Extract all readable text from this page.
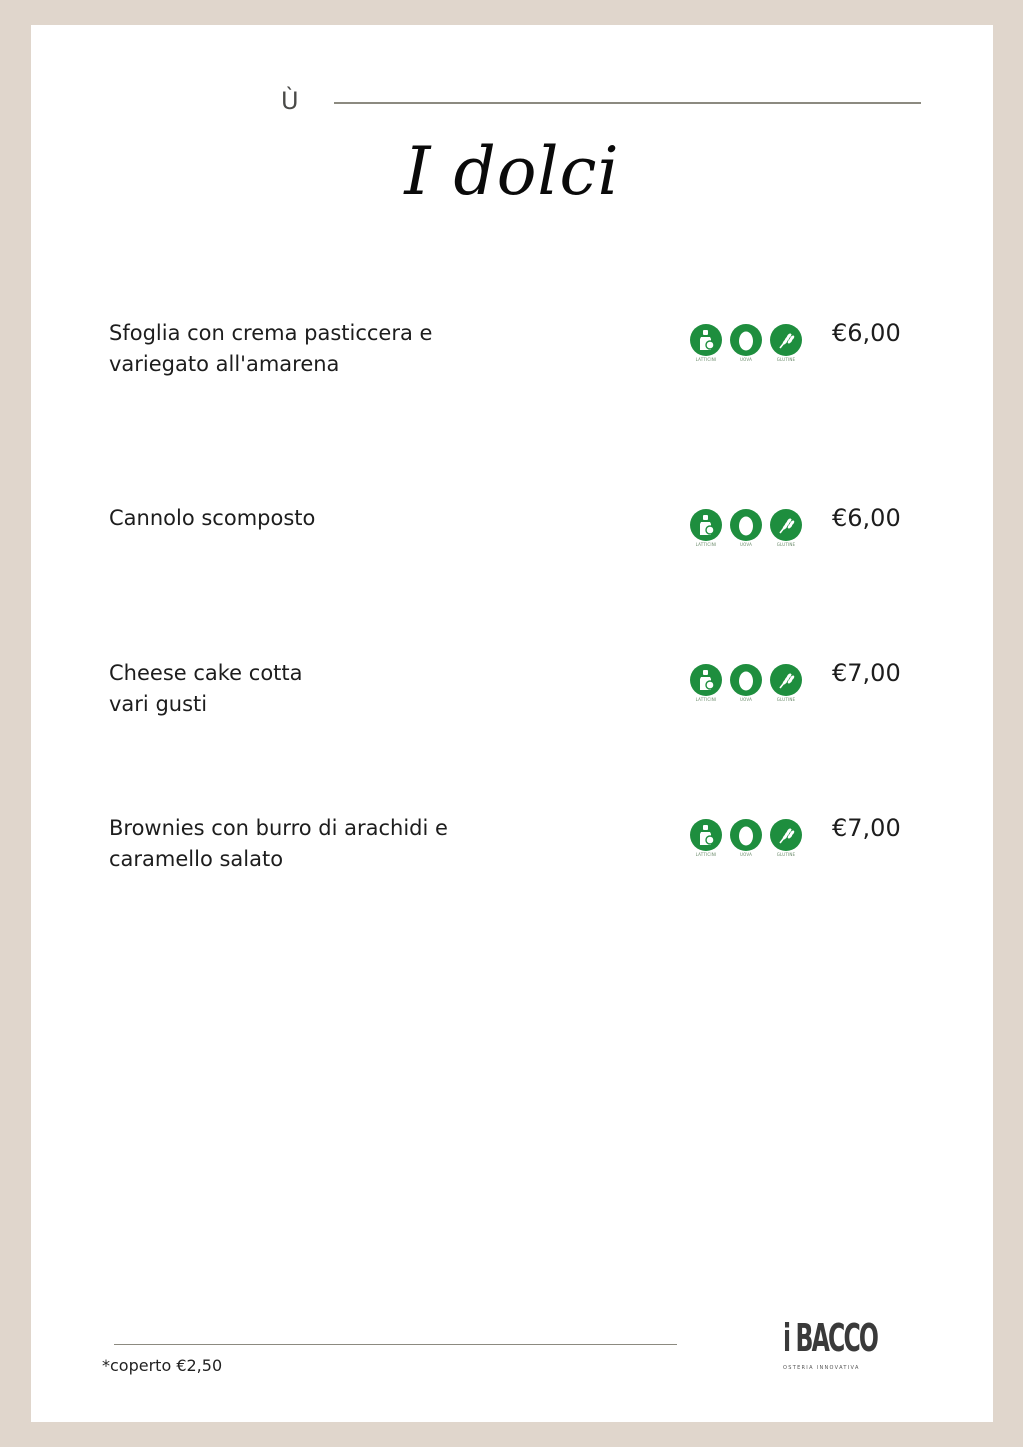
Ù
I dolci
Sfoglia con crema pasticcera e
variegato all'amarena	LATTICINI	UOVA	GLUTINE
€6,00
Cannolo scomposto
LATTICINI	UOVA	GLUTINE
€6,00
Cheese cake cotta
vari gusti	LATTICINI	UOVA	GLUTINE
€7,00
Brownies con burro di arachidi e
caramello salato	LATTICINI	UOVA	GLUTINE
€7,00
*coperto €2,50
i BACCO
OSTERIA INNOVATIVA
